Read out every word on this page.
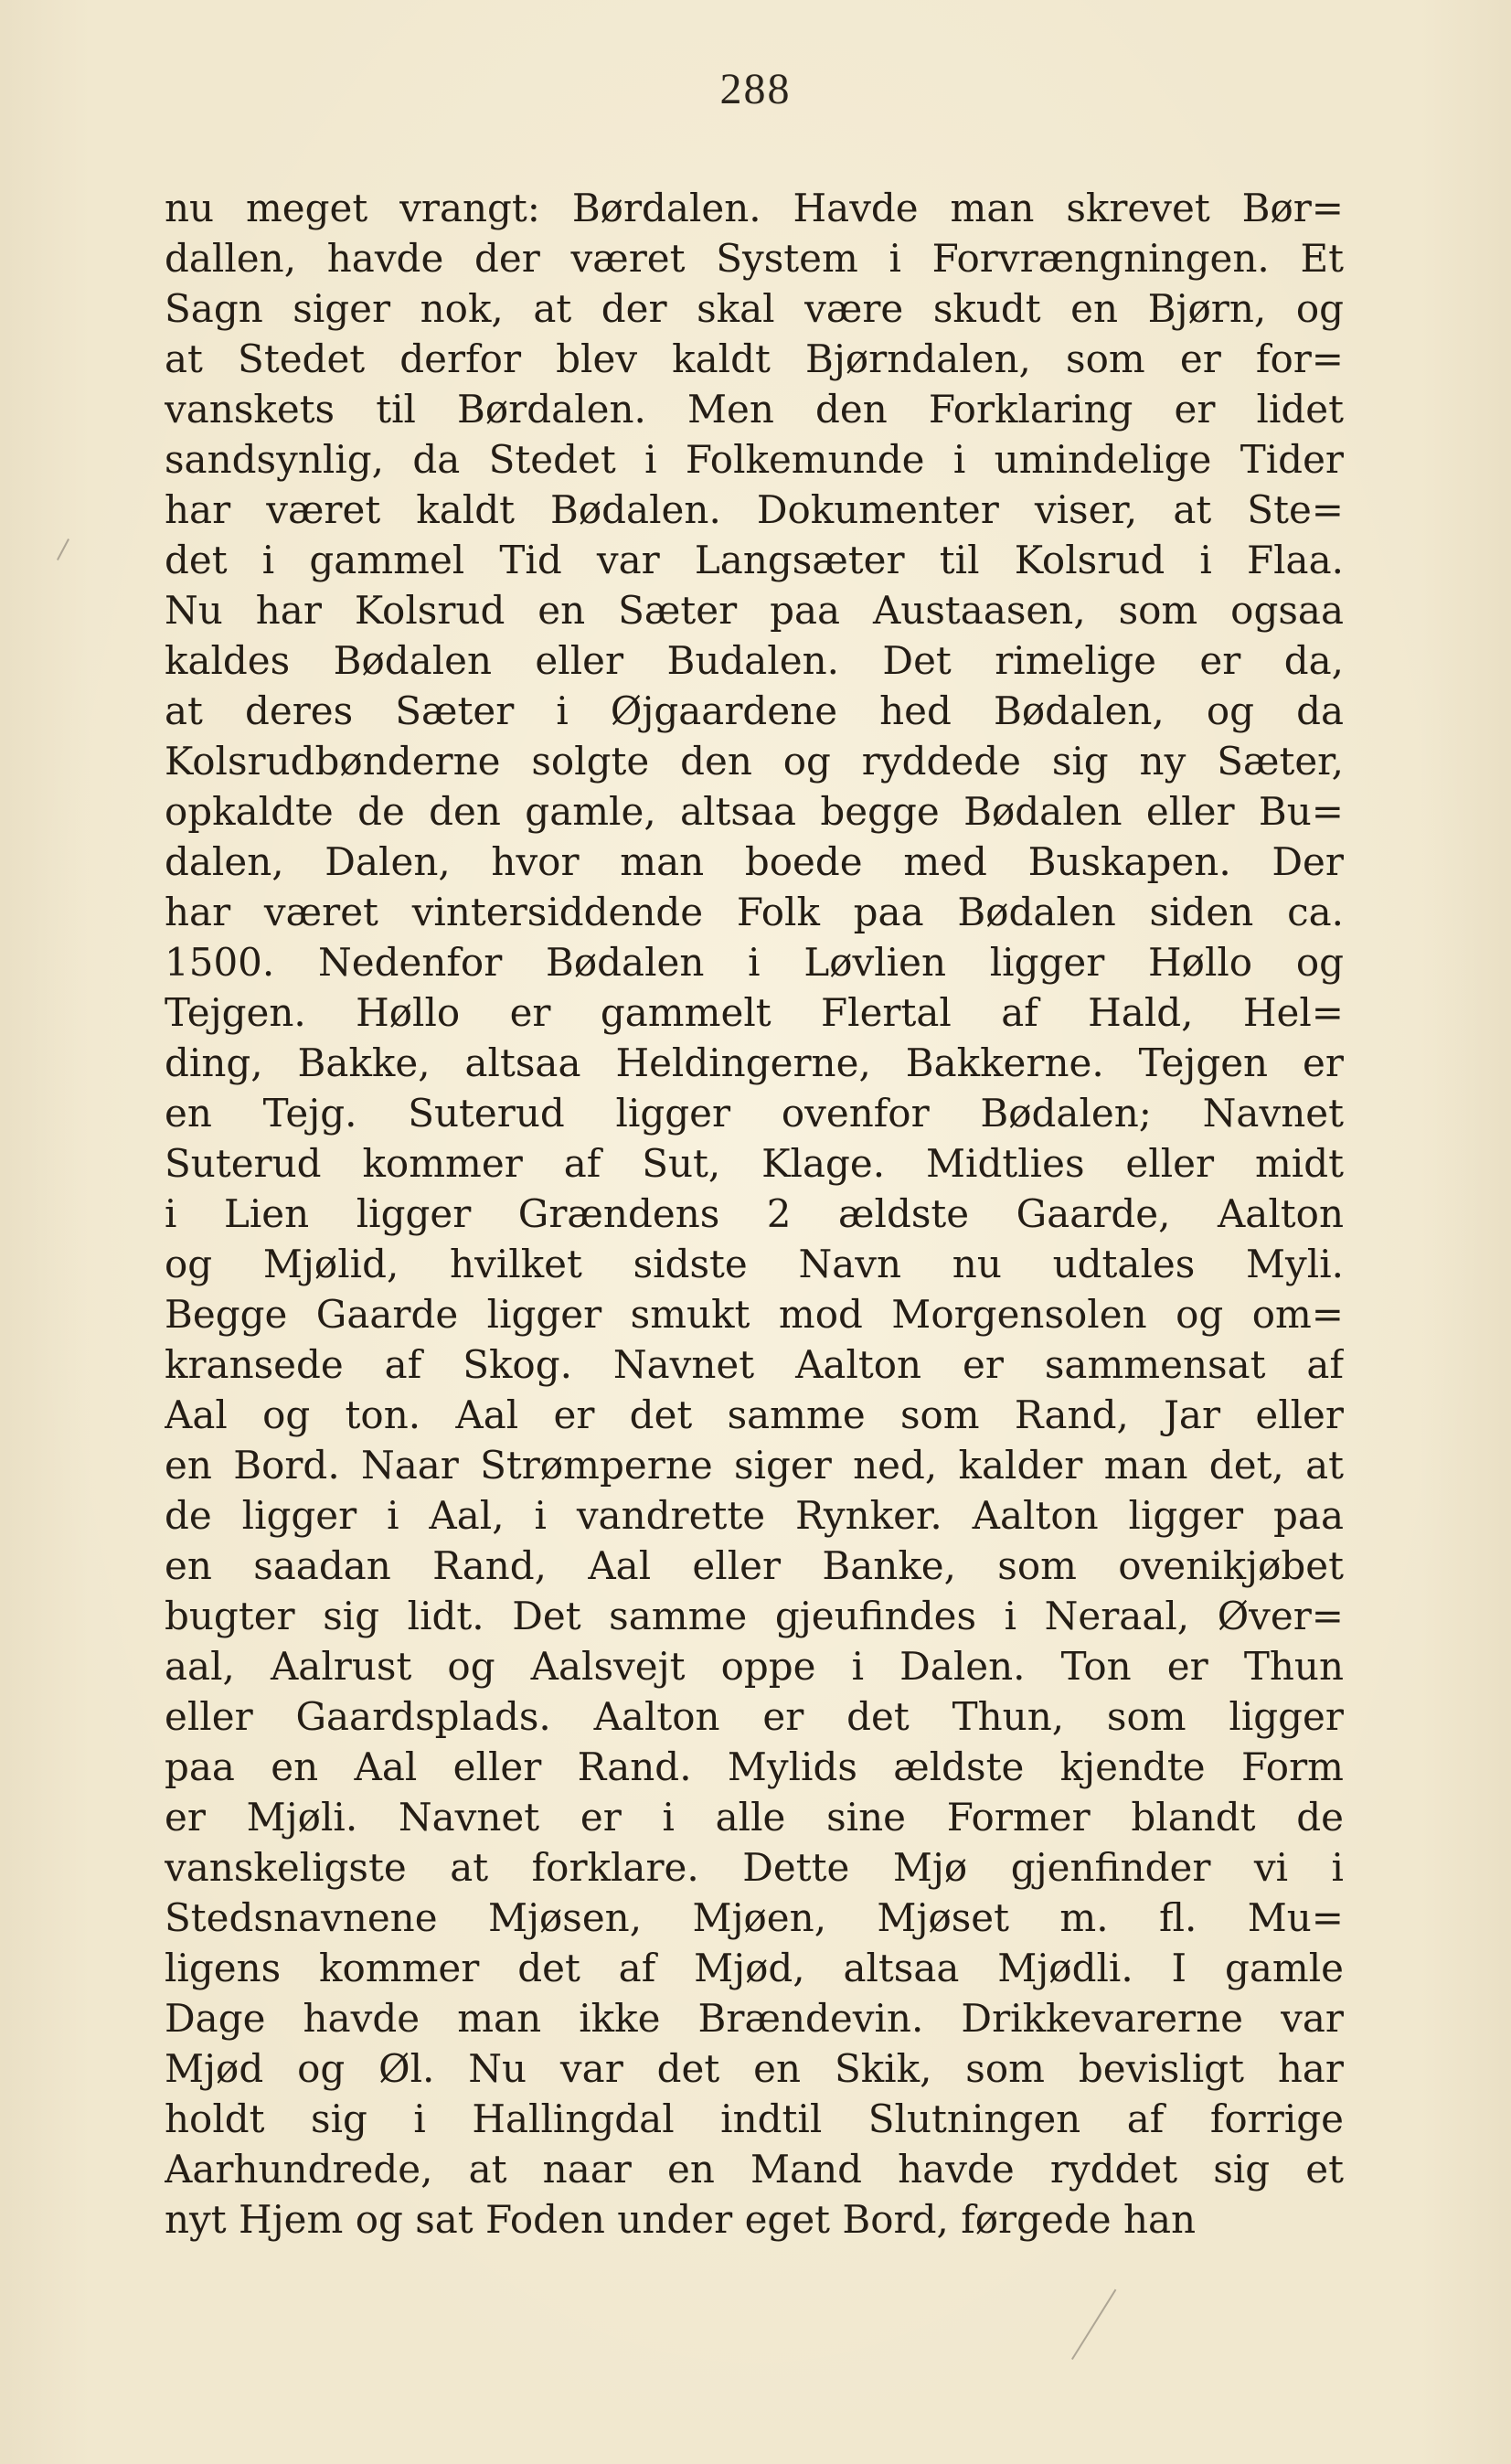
288
nu meget vrangt: Børdalen. Havde man skrevet Bør=
dallen, havde der været System i Forvrængningen. Et
Sagn siger nok, at der skal være skudt en Bjørn, og
at Stedet derfor blev kaldt Bjørndalen, som er for=
vanskets til Børdalen. Men den Forklaring er lidet
sandsynlig, da Stedet i Folkemunde i umindelige Tider
har været kaldt Bødalen. Dokumenter viser, at Ste=
det i gammel Tid var Langsæter til Kolsrud i Flaa.
Nu har Kolsrud en Sæter paa Austaasen, som ogsaa
kaldes Bødalen eller Budalen. Det rimelige er da,
at deres Sæter i Øjgaardene hed Bødalen, og da
Kolsrudbønderne solgte den og ryddede sig ny Sæter,
opkaldte de den gamle, altsaa begge Bødalen eller Bu=
dalen, Dalen, hvor man boede med Buskapen. Der
har været vintersiddende Folk paa Bødalen siden ca.
1500. Nedenfor Bødalen i Løvlien ligger Høllo og
Tejgen. Høllo er gammelt Flertal af Hald, Hel=
ding, Bakke, altsaa Heldingerne, Bakkerne. Tejgen er
en Tejg. Suterud ligger ovenfor Bødalen; Navnet
Suterud kommer af Sut, Klage. Midtlies eller midt
i Lien ligger Grændens 2 ældste Gaarde, Aalton
og Mjølid, hvilket sidste Navn nu udtales Myli.
Begge Gaarde ligger smukt mod Morgensolen og om=
kransede af Skog. Navnet Aalton er sammensat af
Aal og ton. Aal er det samme som Rand, Jar eller
en Bord. Naar Strømperne siger ned, kalder man det, at
de ligger i Aal, i vandrette Rynker. Aalton ligger paa
en saadan Rand, Aal eller Banke, som ovenikjøbet
bugter sig lidt. Det samme gjeufindes i Neraal, Øver=
aal, Aalrust og Aalsvejt oppe i Dalen. Ton er Thun
eller Gaardsplads. Aalton er det Thun, som ligger
paa en Aal eller Rand. Mylids ældste kjendte Form
er Mjøli. Navnet er i alle sine Former blandt de
vanskeligste at forklare. Dette Mjø gjenfinder vi i
Stedsnavnene Mjøsen, Mjøen, Mjøset m. fl. Mu=
ligens kommer det af Mjød, altsaa Mjødli. I gamle
Dage havde man ikke Brændevin. Drikkevarerne var
Mjød og Øl. Nu var det en Skik, som bevisligt har
holdt sig i Hallingdal indtil Slutningen af forrige
Aarhundrede, at naar en Mand havde ryddet sig et
nyt Hjem og sat Foden under eget Bord, førgede han
